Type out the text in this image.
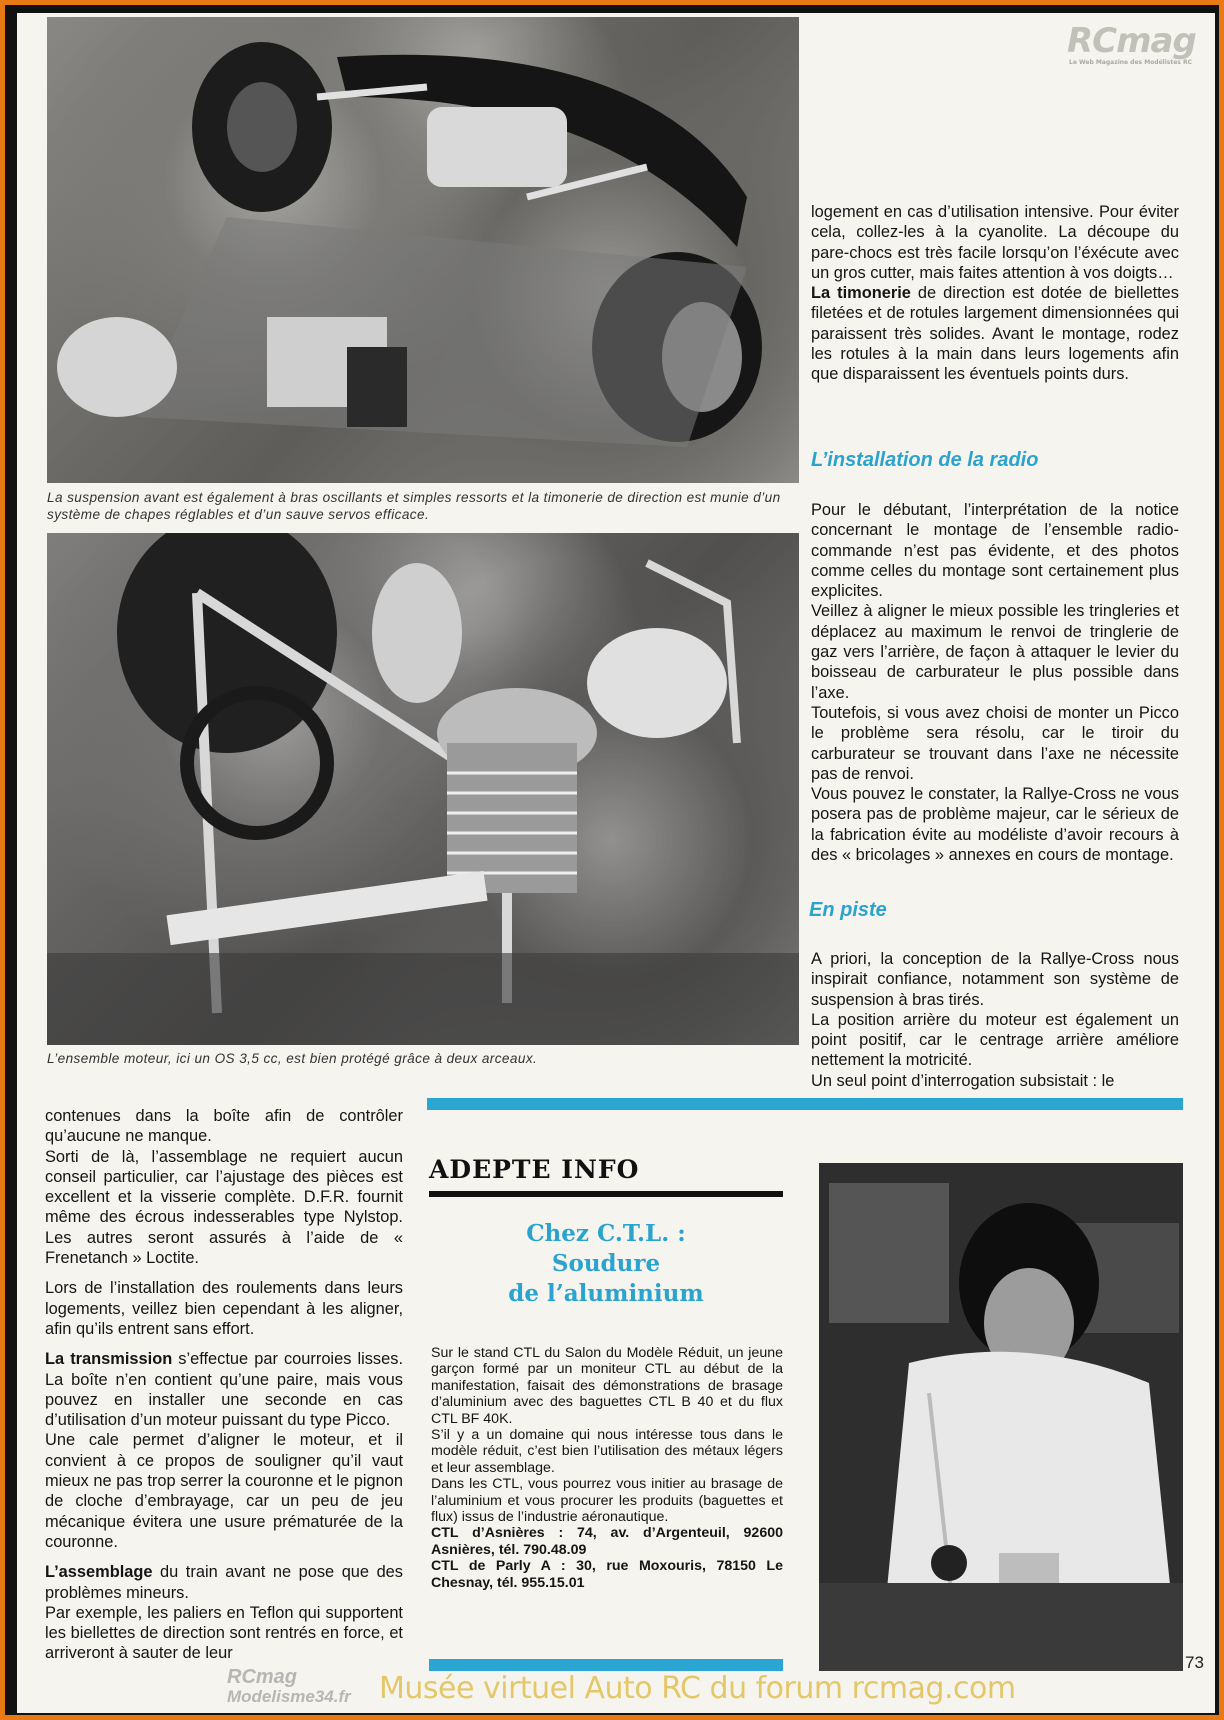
RCmag
Le Web Magazine des Modélistes RC
La suspension avant est également à bras oscillants et simples ressorts et la timonerie de direction est munie d’un système de chapes réglables et d’un sauve servos efficace.
L’ensemble moteur, ici un OS 3,5 cc, est bien protégé grâce à deux arceaux.

logement en cas d’utilisation intensive. Pour éviter cela, collez-les à la cyanolite. La découpe du pare-chocs est très facile lorsqu’on l’éxécute avec un gros cutter, mais faites attention à vos doigts…

La timonerie de direction est dotée de biellettes filetées et de rotules largement dimensionnées qui paraissent très solides. Avant le montage, rodez les rotules à la main dans leurs logements afin que disparaissent les éventuels points durs.

L’installation de la radio

Pour le débutant, l’interprétation de la notice concernant le montage de l’ensemble radio-commande n’est pas évidente, et des photos comme celles du montage sont certainement plus explicites.

Veillez à aligner le mieux possible les tringleries et déplacez au maximum le renvoi de tringlerie de gaz vers l’arrière, de façon à attaquer le levier du boisseau de carburateur le plus possible dans l’axe.

Toutefois, si vous avez choisi de monter un Picco le problème sera résolu, car le tiroir du carburateur se trouvant dans l’axe ne nécessite pas de renvoi.

Vous pouvez le constater, la Rallye-Cross ne vous posera pas de problème majeur, car le sérieux de la fabrication évite au modéliste d’avoir recours à des « bricolages » annexes en cours de montage.

En piste

A priori, la conception de la Rallye-Cross nous inspirait confiance, notamment son système de suspension à bras tirés.

La position arrière du moteur est également un point positif, car le centrage arrière améliore nettement la motricité.

Un seul point d’interrogation subsistait : le

contenues dans la boîte afin de contrôler qu’aucune ne manque.

Sorti de là, l’assemblage ne requiert aucun conseil particulier, car l’ajustage des pièces est excellent et la visserie complète. D.F.R. fournit même des écrous indesserables type Nylstop. Les autres seront assurés à l’aide de « Frenetanch » Loctite.

Lors de l’installation des roulements dans leurs logements, veillez bien cependant à les aligner, afin qu’ils entrent sans effort.

La transmission s’effectue par courroies lisses. La boîte n’en contient qu’une paire, mais vous pouvez en installer une seconde en cas d’utilisation d’un moteur puissant du type Picco.

Une cale permet d’aligner le moteur, et il convient à ce propos de souligner qu’il vaut mieux ne pas trop serrer la couronne et le pignon de cloche d’embrayage, car un peu de jeu mécanique évitera une usure prématurée de la couronne.

L’assemblage du train avant ne pose que des problèmes mineurs.

Par exemple, les paliers en Teflon qui supportent les biellettes de direction sont rentrés en force, et arriveront à sauter de leur

ADEPTE INFO
Chez C.T.L. :
Soudure
de l’aluminium

Sur le stand CTL du Salon du Modèle Réduit, un jeune garçon formé par un moniteur CTL au début de la manifestation, faisait des démonstrations de brasage d’aluminium avec des baguettes CTL B 40 et du flux CTL BF 40K.

S’il y a un domaine qui nous intéresse tous dans le modèle réduit, c’est bien l’utilisation des métaux légers et leur assemblage.

Dans les CTL, vous pourrez vous initier au brasage de l’aluminium et vous procurer les produits (baguettes et flux) issus de l’industrie aéronautique.

CTL d’Asnières : 74, av. d’Argenteuil, 92600 Asnières, tél. 790.48.09

CTL de Parly A : 30, rue Moxouris, 78150 Le Chesnay, tél. 955.15.01

73
RCmag
Modelisme34.fr Musée virtuel Auto RC du forum rcmag.com
